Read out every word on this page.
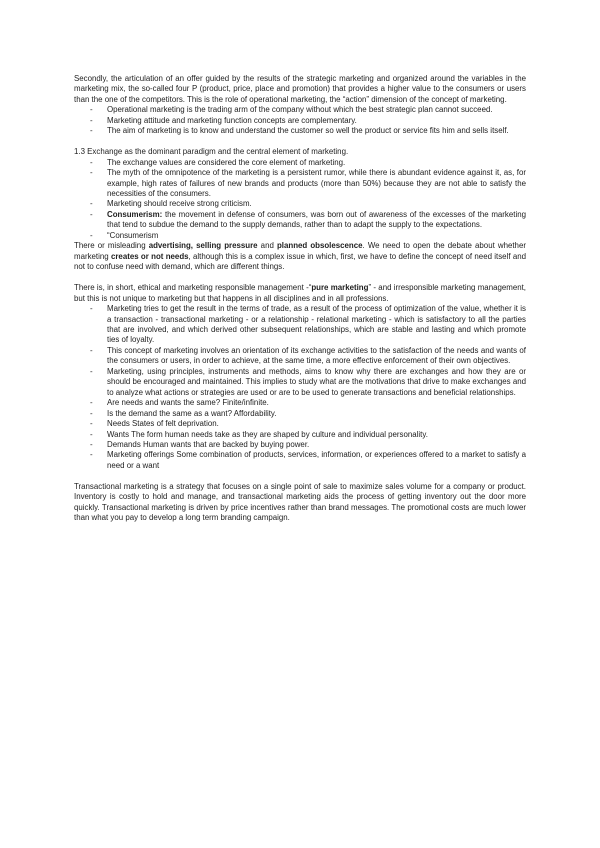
Secondly, the articulation of an offer guided by the results of the strategic marketing and organized around the variables in the marketing mix, the so-called four P (product, price, place and promotion) that provides a higher value to the consumers or users than the one of the competitors. This is the role of operational marketing, the “action” dimension of the concept of marketing.

- Operational marketing is the trading arm of the company without which the best strategic plan cannot succeed.
- Marketing attitude and marketing function concepts are complementary.
- The aim of marketing is to know and understand the customer so well the product or service fits him and sells itself.

1.3 Exchange as the dominant paradigm and the central element of marketing.

- The exchange values are considered the core element of marketing.
- The myth of the omnipotence of the marketing is a persistent rumor, while there is abundant evidence against it, as, for example, high rates of failures of new brands and products (more than 50%) because they are not able to satisfy the necessities of the consumers.
- Marketing should receive strong criticism.
- Consumerism: the movement in defense of consumers, was born out of awareness of the excesses of the marketing that tend to subdue the demand to the supply demands, rather than to adapt the supply to the expectations.
- “Consumerism

There or misleading advertising, selling pressure and planned obsolescence. We need to open the debate about whether marketing creates or not needs, although this is a complex issue in which, first, we have to define the concept of need itself and not to confuse need with demand, which are different things.

There is, in short, ethical and marketing responsible management -“pure marketing” - and irresponsible marketing management, but this is not unique to marketing but that happens in all disciplines and in all professions.

- Marketing tries to get the result in the terms of trade, as a result of the process of optimization of the value, whether it is a transaction - transactional marketing - or a relationship - relational marketing - which is satisfactory to all the parties that are involved, and which derived other subsequent relationships, which are stable and lasting and which promote ties of loyalty.
- This concept of marketing involves an orientation of its exchange activities to the satisfaction of the needs and wants of the consumers or users, in order to achieve, at the same time, a more effective enforcement of their own objectives.
- Marketing, using principles, instruments and methods, aims to know why there are exchanges and how they are or should be encouraged and maintained. This implies to study what are the motivations that drive to make exchanges and to analyze what actions or strategies are used or are to be used to generate transactions and beneficial relationships.
- Are needs and wants the same? Finite/infinite.
- Is the demand the same as a want? Affordability.
- Needs States of felt deprivation.
- Wants The form human needs take as they are shaped by culture and individual personality.
- Demands Human wants that are backed by buying power.
- Marketing offerings Some combination of products, services, information, or experiences offered to a market to satisfy a need or a want

Transactional marketing is a strategy that focuses on a single point of sale to maximize sales volume for a company or product. Inventory is costly to hold and manage, and transactional marketing aids the process of getting inventory out the door more quickly. Transactional marketing is driven by price incentives rather than brand messages. The promotional costs are much lower than what you pay to develop a long term branding campaign.
